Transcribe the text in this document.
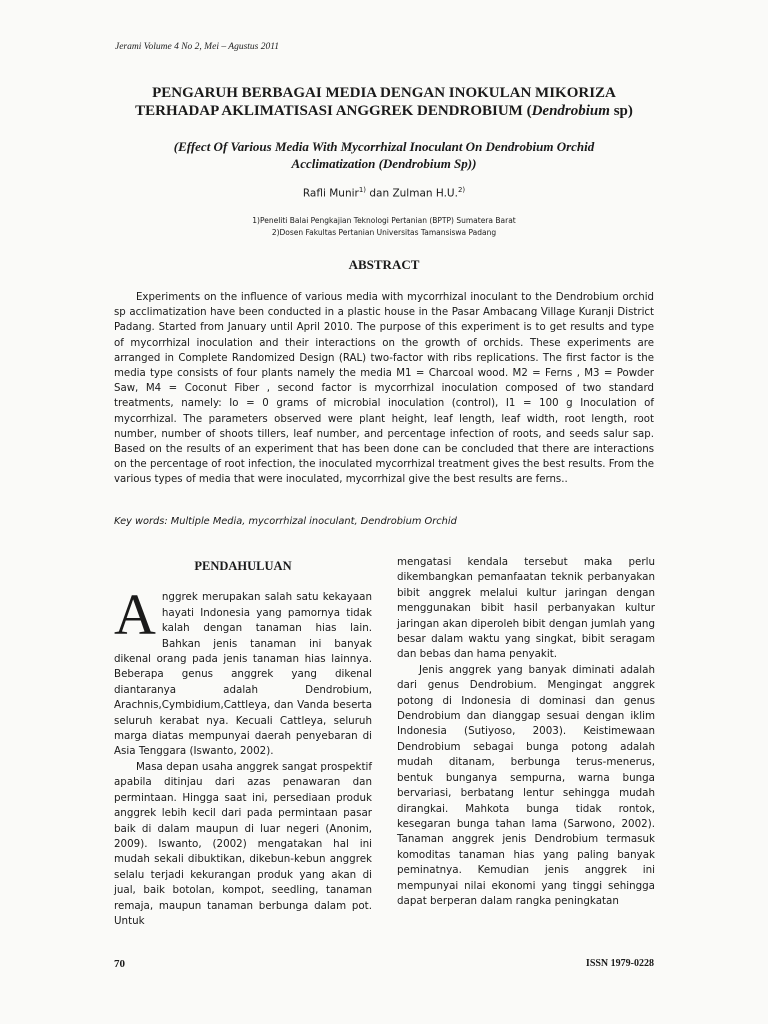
Jerami Volume 4 No 2, Mei – Agustus 2011
PENGARUH BERBAGAI MEDIA DENGAN INOKULAN MIKORIZA
TERHADAP AKLIMATISASI ANGGREK DENDROBIUM (Dendrobium sp)
(Effect Of Various Media With Mycorrhizal Inoculant On Dendrobium Orchid
Acclimatization (Dendrobium Sp))
Rafli Munir$^{1)}$ dan Zulman H.U.$^{2)}$
1)Peneliti Balai Pengkajian Teknologi Pertanian (BPTP) Sumatera Barat
2)Dosen Fakultas Pertanian Universitas Tamansiswa Padang
ABSTRACT

Experiments on the influence of various media with mycorrhizal inoculant to the Dendrobium orchid sp acclimatization have been conducted in a plastic house in the Pasar Ambacang Village Kuranji District Padang. Started from January until April 2010. The purpose of this experiment is to get results and type of mycorrhizal inoculation and their interactions on the growth of orchids. These experiments are arranged in Complete Randomized Design (RAL) two-factor with ribs replications. The first factor is the media type consists of four plants namely the media M1 = Charcoal wood. M2 = Ferns , M3 = Powder Saw, M4 = Coconut Fiber , second factor is mycorrhizal inoculation composed of two standard treatments, namely: Io = 0 grams of microbial inoculation (control), I1 = 100 g Inoculation of mycorrhizal. The parameters observed were plant height, leaf length, leaf width, root length, root number, number of shoots tillers, leaf number, and percentage infection of roots, and seeds salur sap. Based on the results of an experiment that has been done can be concluded that there are interactions on the percentage of root infection, the inoculated mycorrhizal treatment gives the best results. From the various types of media that were inoculated, mycorrhizal give the best results are ferns..

Key words: Multiple Media, mycorrhizal inoculant, Dendrobium Orchid
PENDAHULUAN

Anggrek merupakan salah satu kekayaan hayati Indonesia yang pamornya tidak kalah dengan tanaman hias lain. Bahkan jenis tanaman ini banyak dikenal orang pada jenis tanaman hias lainnya. Beberapa genus anggrek yang dikenal diantaranya adalah Dendrobium, Arachnis,Cymbidium,Cattleya, dan Vanda beserta seluruh kerabat nya. Kecuali Cattleya, seluruh marga diatas mempunyai daerah penyebaran di Asia Tenggara (Iswanto, 2002).

Masa depan usaha anggrek sangat prospektif apabila ditinjau dari azas penawaran dan permintaan. Hingga saat ini, persediaan produk anggrek lebih kecil dari pada permintaan pasar baik di dalam maupun di luar negeri (Anonim, 2009). Iswanto, (2002) mengatakan hal ini mudah sekali dibuktikan, dikebun-kebun anggrek selalu terjadi kekurangan produk yang akan di jual, baik botolan, kompot, seedling, tanaman remaja, maupun tanaman berbunga dalam pot. Untuk

mengatasi kendala tersebut maka perlu dikembangkan pemanfaatan teknik perbanyakan bibit anggrek melalui kultur jaringan dengan menggunakan bibit hasil perbanyakan kultur jaringan akan diperoleh bibit dengan jumlah yang besar dalam waktu yang singkat, bibit seragam dan bebas dan hama penyakit.

Jenis anggrek yang banyak diminati adalah dari genus Dendrobium. Mengingat anggrek potong di Indonesia di dominasi dan genus Dendrobium dan dianggap sesuai dengan iklim Indonesia (Sutiyoso, 2003). Keistimewaan Dendrobium sebagai bunga potong adalah mudah ditanam, berbunga terus-menerus, bentuk bunganya sempurna, warna bunga bervariasi, berbatang lentur sehingga mudah dirangkai. Mahkota bunga tidak rontok, kesegaran bunga tahan lama (Sarwono, 2002). Tanaman anggrek jenis Dendrobium termasuk komoditas tanaman hias yang paling banyak peminatnya. Kemudian jenis anggrek ini mempunyai nilai ekonomi yang tinggi sehingga dapat berperan dalam rangka peningkatan

70	ISSN 1979-0228
